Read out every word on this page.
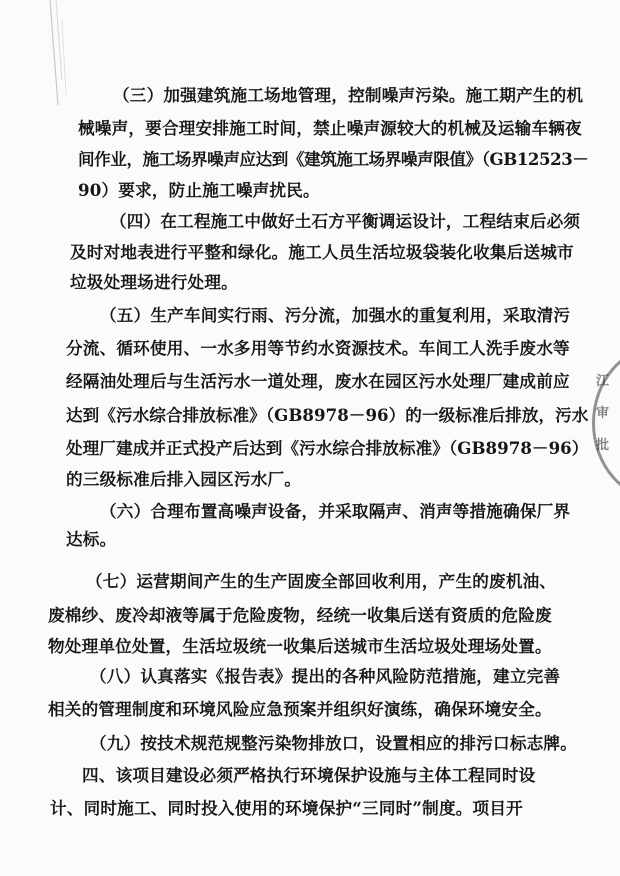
（三）加强建筑施工场地管理，控制噪声污染。施工期产生的机
械噪声，要合理安排施工时间，禁止噪声源较大的机械及运输车辆夜
间作业，施工场界噪声应达到《建筑施工场界噪声限值》（GB12523－
90）要求，防止施工噪声扰民。
（四）在工程施工中做好土石方平衡调运设计，工程结束后必须
及时对地表进行平整和绿化。施工人员生活垃圾袋装化收集后送城市
垃圾处理场进行处理。
（五）生产车间实行雨、污分流，加强水的重复利用，采取清污
分流、循环使用、一水多用等节约水资源技术。车间工人洗手废水等
经隔油处理后与生活污水一道处理，废水在园区污水处理厂建成前应
达到《污水综合排放标准》（GB8978－96）的一级标准后排放，污水
处理厂建成并正式投产后达到《污水综合排放标准》（GB8978－96）
的三级标准后排入园区污水厂。
（六）合理布置高噪声设备，并采取隔声、消声等措施确保厂界
达标。
（七）运营期间产生的生产固废全部回收利用，产生的废机油、
废棉纱、废冷却液等属于危险废物，经统一收集后送有资质的危险废
物处理单位处置，生活垃圾统一收集后送城市生活垃圾处理场处置。
（八）认真落实《报告表》提出的各种风险防范措施，建立完善
相关的管理制度和环境风险应急预案并组织好演练，确保环境安全。
（九）按技术规范规整污染物排放口，设置相应的排污口标志牌。
四、该项目建设必须严格执行环境保护设施与主体工程同时设
计、同时施工、同时投入使用的环境保护“三同时”制度。项目开
江
审
批
